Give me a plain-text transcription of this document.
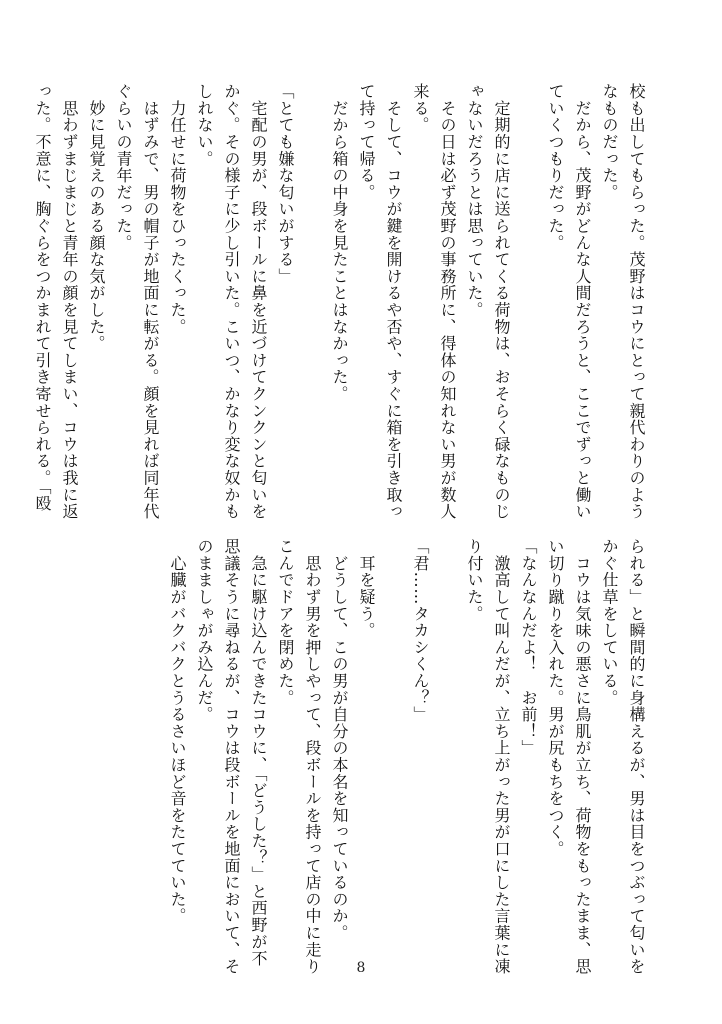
校も出してもらった。茂野はコウにとって親代わりのよう

なものだった。

　だから、茂野がどんな人間だろうと、ここでずっと働い

ていくつもりだった。

　定期的に店に送られてくる荷物は、おそらく碌なものじ

ゃないだろうとは思っていた。

　その日は必ず茂野の事務所に、得体の知れない男が数人

来る。

　そして、コウが鍵を開けるや否や、すぐに箱を引き取っ

て持って帰る。

　だから箱の中身を見たことはなかった。

「とても嫌な匂いがする」

　宅配の男が、段ボールに鼻を近づけてクンクンと匂いを

かぐ。その様子に少し引いた。こいつ、かなり変な奴かも

しれない。

　力任せに荷物をひったくった。

　はずみで、男の帽子が地面に転がる。顔を見れば同年代

ぐらいの青年だった。

　妙に見覚えのある顔な気がした。

　思わずまじまじと青年の顔を見てしまい、コウは我に返

った。不意に、胸ぐらをつかまれて引き寄せられる。「殴

られる」と瞬間的に身構えるが、男は目をつぶって匂いを

かぐ仕草をしている。

　コウは気味の悪さに鳥肌が立ち、荷物をもったまま、思

い切り蹴りを入れた。男が尻もちをつく。

「なんなんだよ！　お前！」

　激高して叫んだが、立ち上がった男が口にした言葉に凍

り付いた。

「君……タカシくん？」

　耳を疑う。

　どうして、この男が自分の本名を知っているのか。

　思わず男を押しやって、段ボールを持って店の中に走り

こんでドアを閉めた。

　急に駆け込んできたコウに、「どうした？」と西野が不

思議そうに尋ねるが、コウは段ボールを地面において、そ

のまましゃがみ込んだ。

　心臓がバクバクとうるさいほど音をたてていた。

8
